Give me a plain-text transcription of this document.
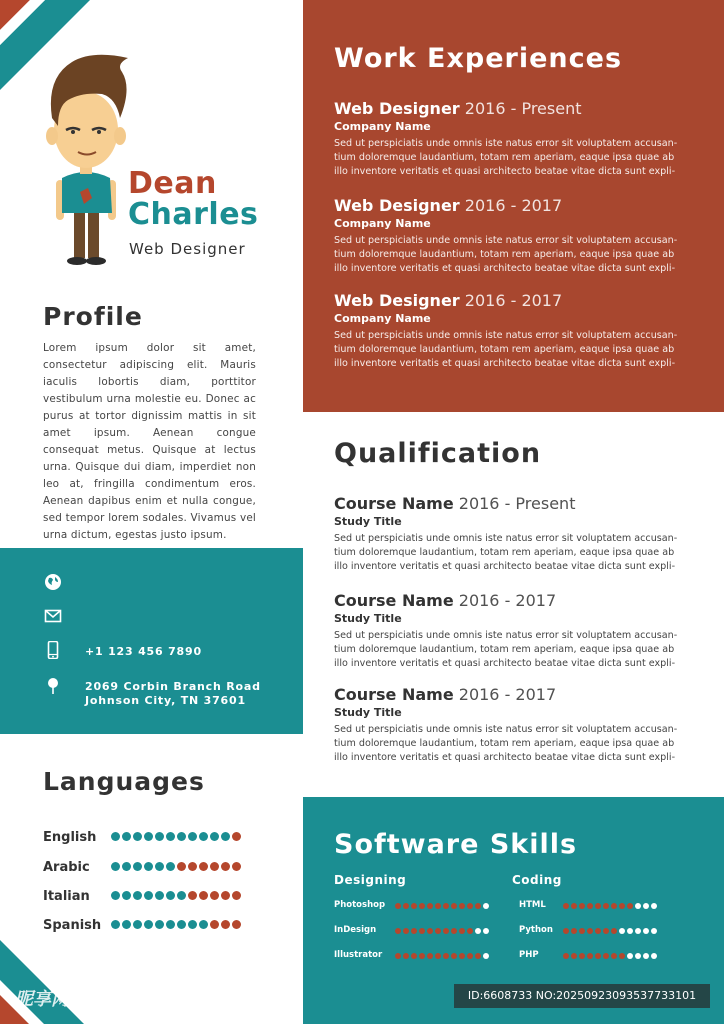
Dean
Charles
Web Designer
Profile
Lorem ipsum dolor sit amet, consectetur adipiscing elit. Mauris iaculis lobortis diam, porttitor vestibulum urna molestie eu. Donec ac purus at tortor dignissim mattis in sit amet ipsum. Aenean congue consequat metus. Quisque at lectus urna. Quisque dui diam, imperdiet non leo at, fringilla condimentum eros. Aenean dapibus enim et nulla congue, sed tempor lorem sodales. Vivamus vel urna dictum, egestas justo ipsum.
+1 123 456 7890
2069 Corbin Branch Road
Johnson City, TN 37601
Languages
English
Arabic
Italian
Spanish
Work Experiences
Web Designer 2016 - Present
Company Name
Sed ut perspiciatis unde omnis iste natus error sit voluptatem accusan-
tium doloremque laudantium, totam rem aperiam, eaque ipsa quae ab
illo inventore veritatis et quasi architecto beatae vitae dicta sunt expli-
Web Designer 2016 - 2017
Company Name
Sed ut perspiciatis unde omnis iste natus error sit voluptatem accusan-
tium doloremque laudantium, totam rem aperiam, eaque ipsa quae ab
illo inventore veritatis et quasi architecto beatae vitae dicta sunt expli-
Web Designer 2016 - 2017
Company Name
Sed ut perspiciatis unde omnis iste natus error sit voluptatem accusan-
tium doloremque laudantium, totam rem aperiam, eaque ipsa quae ab
illo inventore veritatis et quasi architecto beatae vitae dicta sunt expli-
Qualification
Course Name 2016 - Present
Study Title
Sed ut perspiciatis unde omnis iste natus error sit voluptatem accusan-
tium doloremque laudantium, totam rem aperiam, eaque ipsa quae ab
illo inventore veritatis et quasi architecto beatae vitae dicta sunt expli-
Course Name 2016 - 2017
Study Title
Sed ut perspiciatis unde omnis iste natus error sit voluptatem accusan-
tium doloremque laudantium, totam rem aperiam, eaque ipsa quae ab
illo inventore veritatis et quasi architecto beatae vitae dicta sunt expli-
Course Name 2016 - 2017
Study Title
Sed ut perspiciatis unde omnis iste natus error sit voluptatem accusan-
tium doloremque laudantium, totam rem aperiam, eaque ipsa quae ab
illo inventore veritatis et quasi architecto beatae vitae dicta sunt expli-
Software Skills
Designing	Coding
Photoshop
InDesign
Illustrator
HTML
Python
PHP
昵享网 www.nipic.cn	ID:6608733 NO:20250923093537733101
